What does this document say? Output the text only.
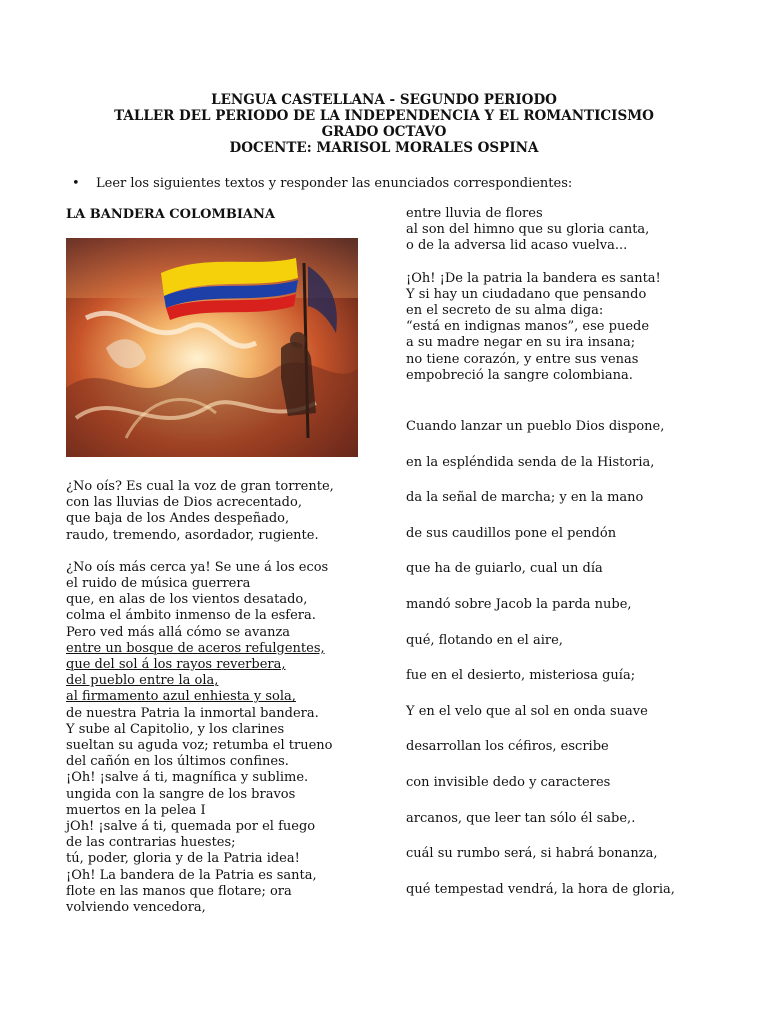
LENGUA CASTELLANA - SEGUNDO PERIODO
TALLER DEL PERIODO DE LA INDEPENDENCIA Y EL ROMANTICISMO
GRADO OCTAVO
DOCENTE: MARISOL MORALES OSPINA
• Leer los siguientes textos y responder las enunciados correspondientes:
LA BANDERA COLOMBIANA
¿No oís? Es cual la voz de gran torrente,
con las lluvias de Dios acrecentado,
que baja de los Andes despeñado,
raudo, tremendo, asordador, rugiente.
¿No oís más cerca ya! Se une á los ecos
el ruido de música guerrera
que, en alas de los vientos desatado,
colma el ámbito inmenso de la esfera.
Pero ved más allá cómo se avanza
entre un bosque de aceros refulgentes,
que del sol á los rayos reverbera,
del pueblo entre la ola,
al firmamento azul enhiesta y sola,
de nuestra Patria la inmortal bandera.
Y sube al Capitolio, y los clarines
sueltan su aguda voz; retumba el trueno
del cañón en los últimos confines.
¡Oh! ¡salve á ti, magnífica y sublime.
ungida con la sangre de los bravos
muertos en la pelea I
jOh! ¡salve á ti, quemada por el fuego
de las contrarias huestes;
tú, poder, gloria y de la Patria idea!
¡Oh! La bandera de la Patria es santa,
flote en las manos que flotare; ora
volviendo vencedora,
entre lluvia de flores
al son del himno que su gloria canta,
o de la adversa lid acaso vuelva...
¡Oh! ¡De la patria la bandera es santa!
Y si hay un ciudadano que pensando
en el secreto de su alma diga:
“está en indignas manos”, ese puede
a su madre negar en su ira insana;
no tiene corazón, y entre sus venas
empobreció la sangre colombiana.
Cuando lanzar un pueblo Dios dispone,
en la espléndida senda de la Historia,
da la señal de marcha; y en la mano
de sus caudillos pone el pendón
que ha de guiarlo, cual un día
mandó sobre Jacob la parda nube,
qué, flotando en el aire,
fue en el desierto, misteriosa guía;
Y en el velo que al sol en onda suave
desarrollan los céfiros, escribe
con invisible dedo y caracteres
arcanos, que leer tan sólo él sabe,.
cuál su rumbo será, si habrá bonanza,
qué tempestad vendrá, la hora de gloria,
